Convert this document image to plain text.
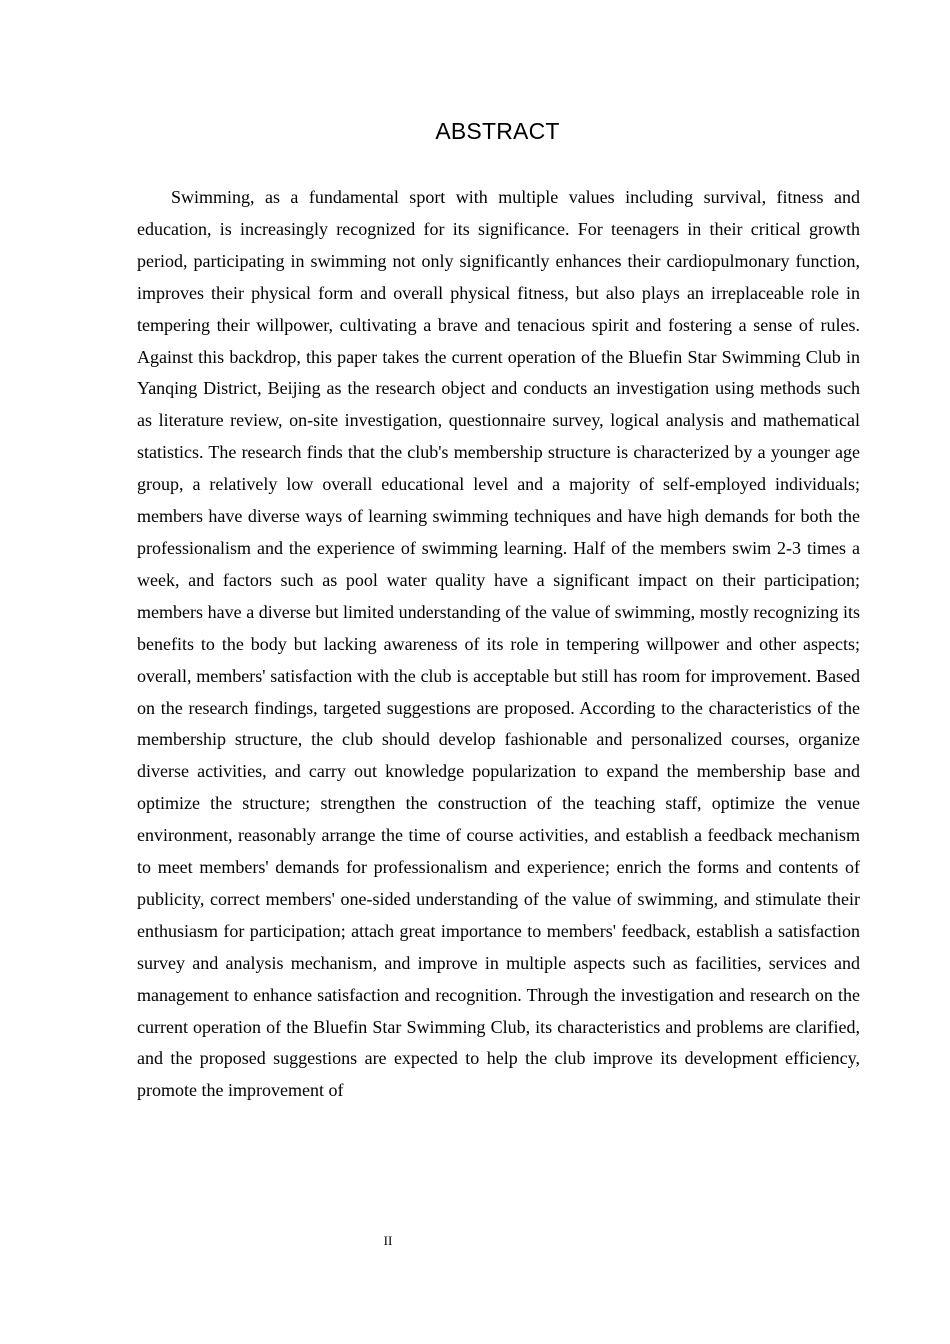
ABSTRACT

Swimming, as a fundamental sport with multiple values including survival, fitness and education, is increasingly recognized for its significance. For teenagers in their critical growth period, participating in swimming not only significantly enhances their cardiopulmonary function, improves their physical form and overall physical fitness, but also plays an irreplaceable role in tempering their willpower, cultivating a brave and tenacious spirit and fostering a sense of rules. Against this backdrop, this paper takes the current operation of the Bluefin Star Swimming Club in Yanqing District, Beijing as the research object and conducts an investigation using methods such as literature review, on-site investigation, questionnaire survey, logical analysis and mathematical statistics. The research finds that the club's membership structure is characterized by a younger age group, a relatively low overall educational level and a majority of self-employed individuals; members have diverse ways of learning swimming techniques and have high demands for both the professionalism and the experience of swimming learning. Half of the members swim 2-3 times a week, and factors such as pool water quality have a significant impact on their participation; members have a diverse but limited understanding of the value of swimming, mostly recognizing its benefits to the body but lacking awareness of its role in tempering willpower and other aspects; overall, members' satisfaction with the club is acceptable but still has room for improvement. Based on the research findings, targeted suggestions are proposed. According to the characteristics of the membership structure, the club should develop fashionable and personalized courses, organize diverse activities, and carry out knowledge popularization to expand the membership base and optimize the structure; strengthen the construction of the teaching staff, optimize the venue environment, reasonably arrange the time of course activities, and establish a feedback mechanism to meet members' demands for professionalism and experience; enrich the forms and contents of publicity, correct members' one-sided understanding of the value of swimming, and stimulate their enthusiasm for participation; attach great importance to members' feedback, establish a satisfaction survey and analysis mechanism, and improve in multiple aspects such as facilities, services and management to enhance satisfaction and recognition. Through the investigation and research on the current operation of the Bluefin Star Swimming Club, its characteristics and problems are clarified, and the proposed suggestions are expected to help the club improve its development efficiency, promote the improvement of

II
